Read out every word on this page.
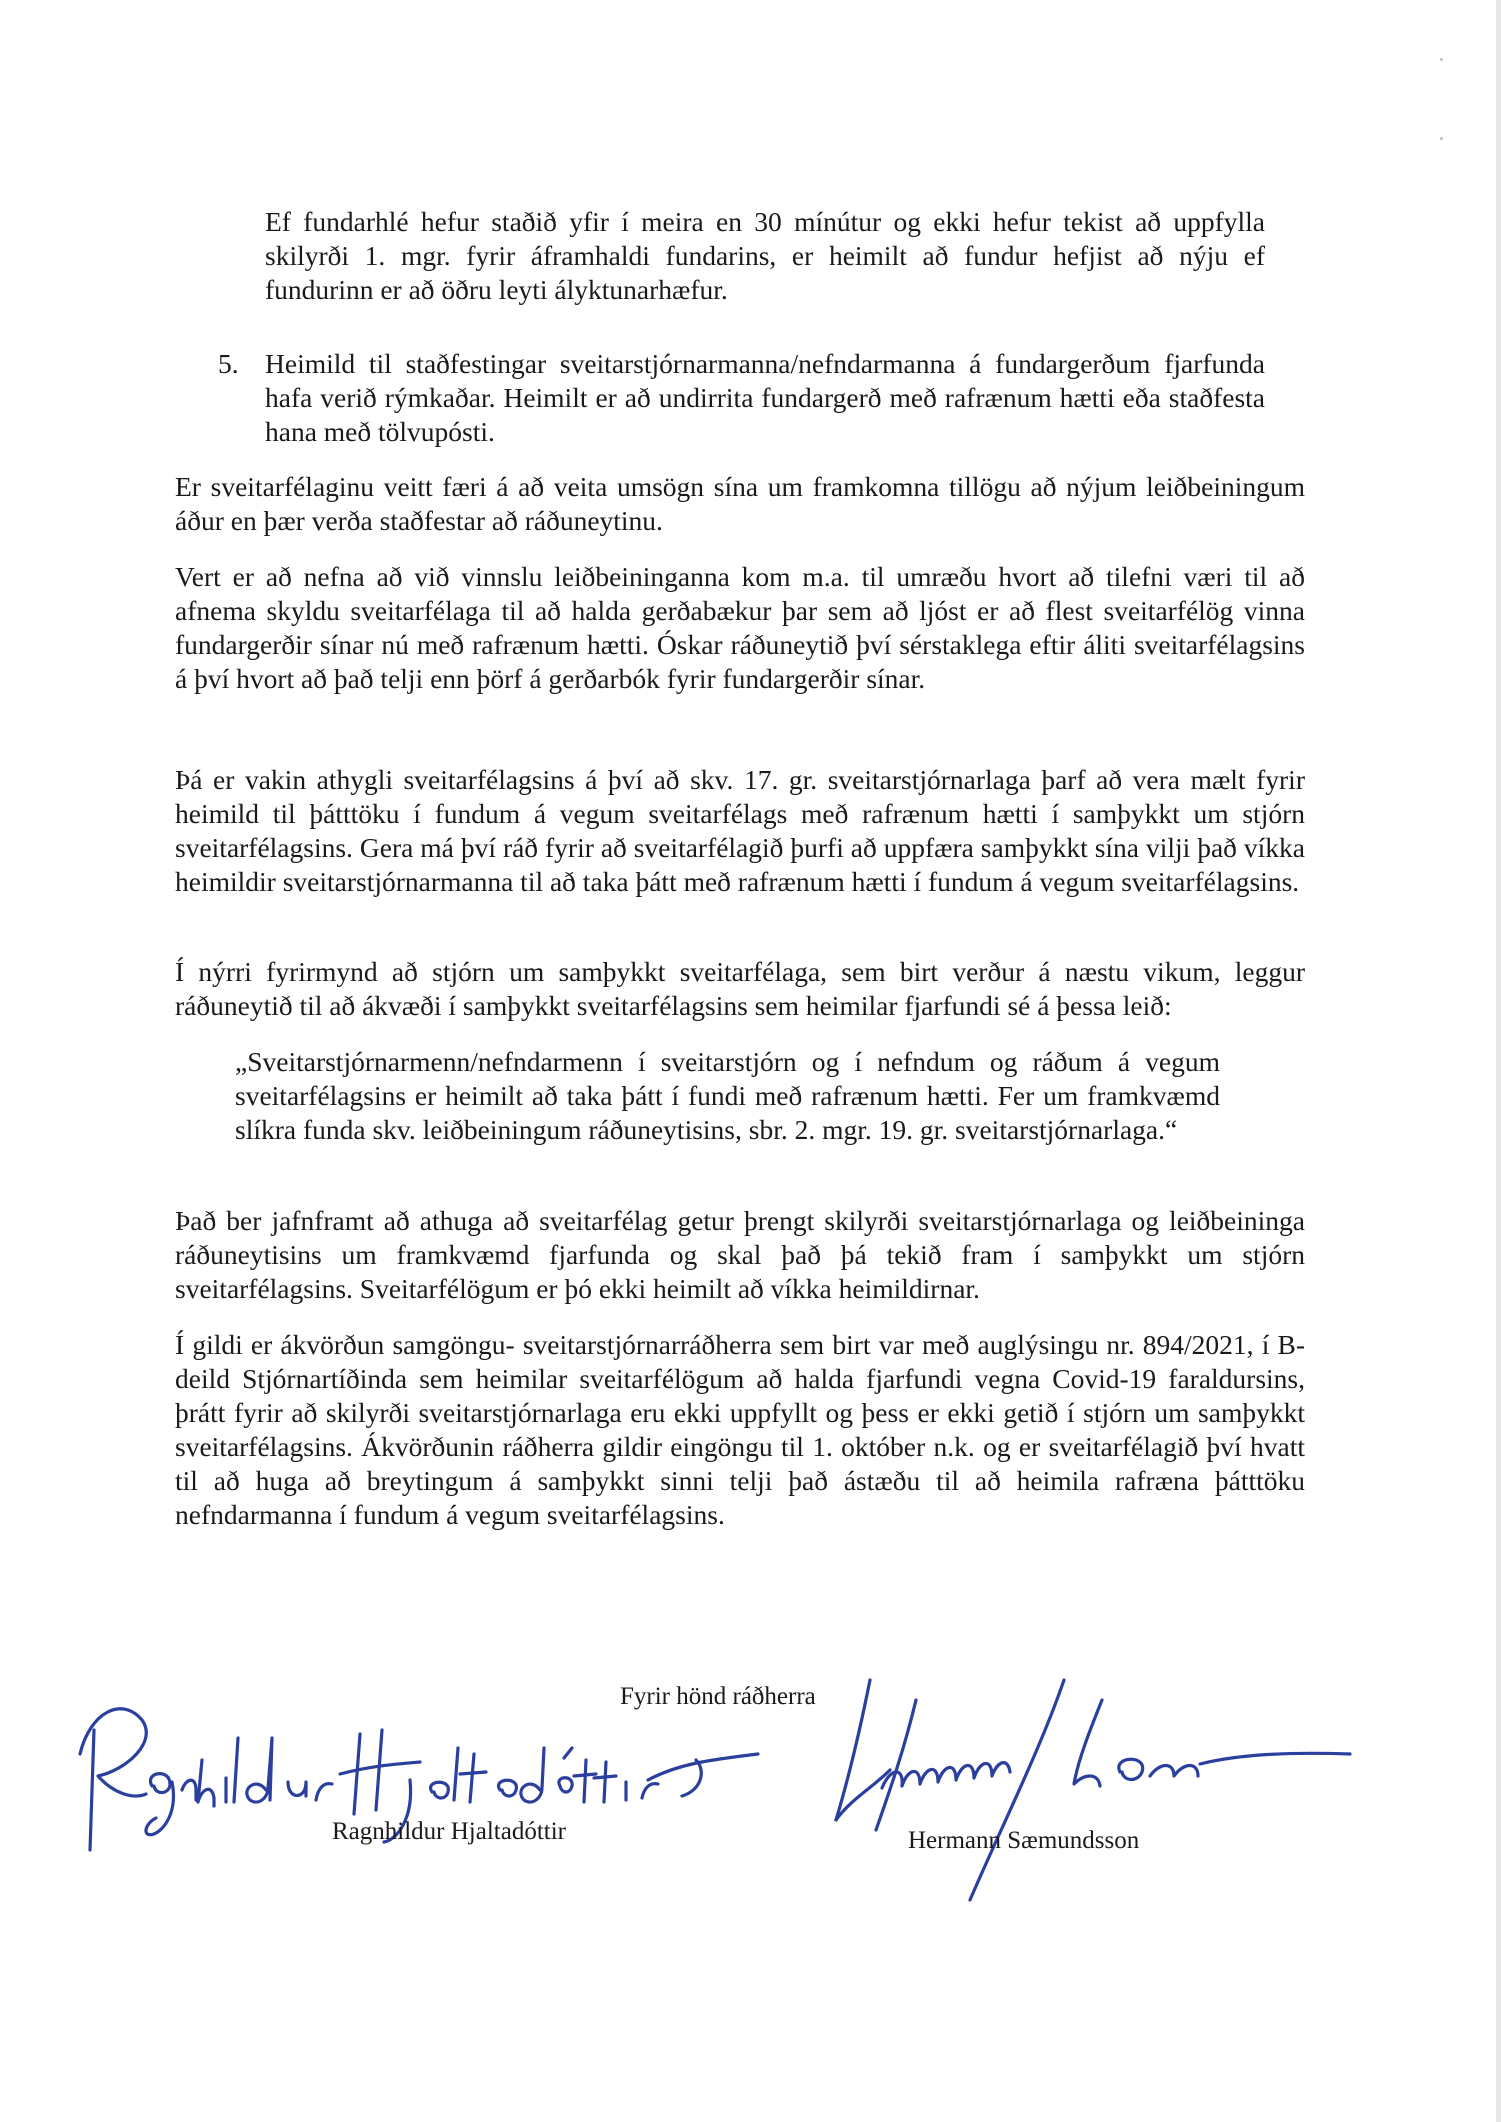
Ef fundarhlé hefur staðið yfir í meira en 30 mínútur og ekki hefur tekist að uppfylla skilyrði 1. mgr. fyrir áframhaldi fundarins, er heimilt að fundur hefjist að nýju ef fundurinn er að öðru leyti ályktunarhæfur.

5. Heimild til staðfestingar sveitarstjórnarmanna/nefndarmanna á fundargerðum fjarfunda hafa verið rýmkaðar. Heimilt er að undirrita fundargerð með rafrænum hætti eða staðfesta hana með tölvupósti.

Er sveitarfélaginu veitt færi á að veita umsögn sína um framkomna tillögu að nýjum leiðbeiningum áður en þær verða staðfestar að ráðuneytinu.

Vert er að nefna að við vinnslu leiðbeininganna kom m.a. til umræðu hvort að tilefni væri til að afnema skyldu sveitarfélaga til að halda gerðabækur þar sem að ljóst er að flest sveitarfélög vinna fundargerðir sínar nú með rafrænum hætti. Óskar ráðuneytið því sérstaklega eftir áliti sveitarfélagsins á því hvort að það telji enn þörf á gerðarbók fyrir fundargerðir sínar.

Þá er vakin athygli sveitarfélagsins á því að skv. 17. gr. sveitarstjórnarlaga þarf að vera mælt fyrir heimild til þátttöku í fundum á vegum sveitarfélags með rafrænum hætti í samþykkt um stjórn sveitarfélagsins. Gera má því ráð fyrir að sveitarfélagið þurfi að uppfæra samþykkt sína vilji það víkka heimildir sveitarstjórnarmanna til að taka þátt með rafrænum hætti í fundum á vegum sveitarfélagsins.

Í nýrri fyrirmynd að stjórn um samþykkt sveitarfélaga, sem birt verður á næstu vikum, leggur ráðuneytið til að ákvæði í samþykkt sveitarfélagsins sem heimilar fjarfundi sé á þessa leið:

„Sveitarstjórnarmenn/nefndarmenn í sveitarstjórn og í nefndum og ráðum á vegum sveitarfélagsins er heimilt að taka þátt í fundi með rafrænum hætti. Fer um framkvæmd slíkra funda skv. leiðbeiningum ráðuneytisins, sbr. 2. mgr. 19. gr. sveitarstjórnarlaga.“

Það ber jafnframt að athuga að sveitarfélag getur þrengt skilyrði sveitarstjórnarlaga og leiðbeininga ráðuneytisins um framkvæmd fjarfunda og skal það þá tekið fram í samþykkt um stjórn sveitarfélagsins. Sveitarfélögum er þó ekki heimilt að víkka heimildirnar.

Í gildi er ákvörðun samgöngu- sveitarstjórnarráðherra sem birt var með auglýsingu nr. 894/2021, í B-deild Stjórnartíðinda sem heimilar sveitarfélögum að halda fjarfundi vegna Covid-19 faraldursins, þrátt fyrir að skilyrði sveitarstjórnarlaga eru ekki uppfyllt og þess er ekki getið í stjórn um samþykkt sveitarfélagsins. Ákvörðunin ráðherra gildir eingöngu til 1. október n.k. og er sveitarfélagið því hvatt til að huga að breytingum á samþykkt sinni telji það ástæðu til að heimila rafræna þátttöku nefndarmanna í fundum á vegum sveitarfélagsins.

Fyrir hönd ráðherra
Ragnhildur Hjaltadóttir	Hermann Sæmundsson
